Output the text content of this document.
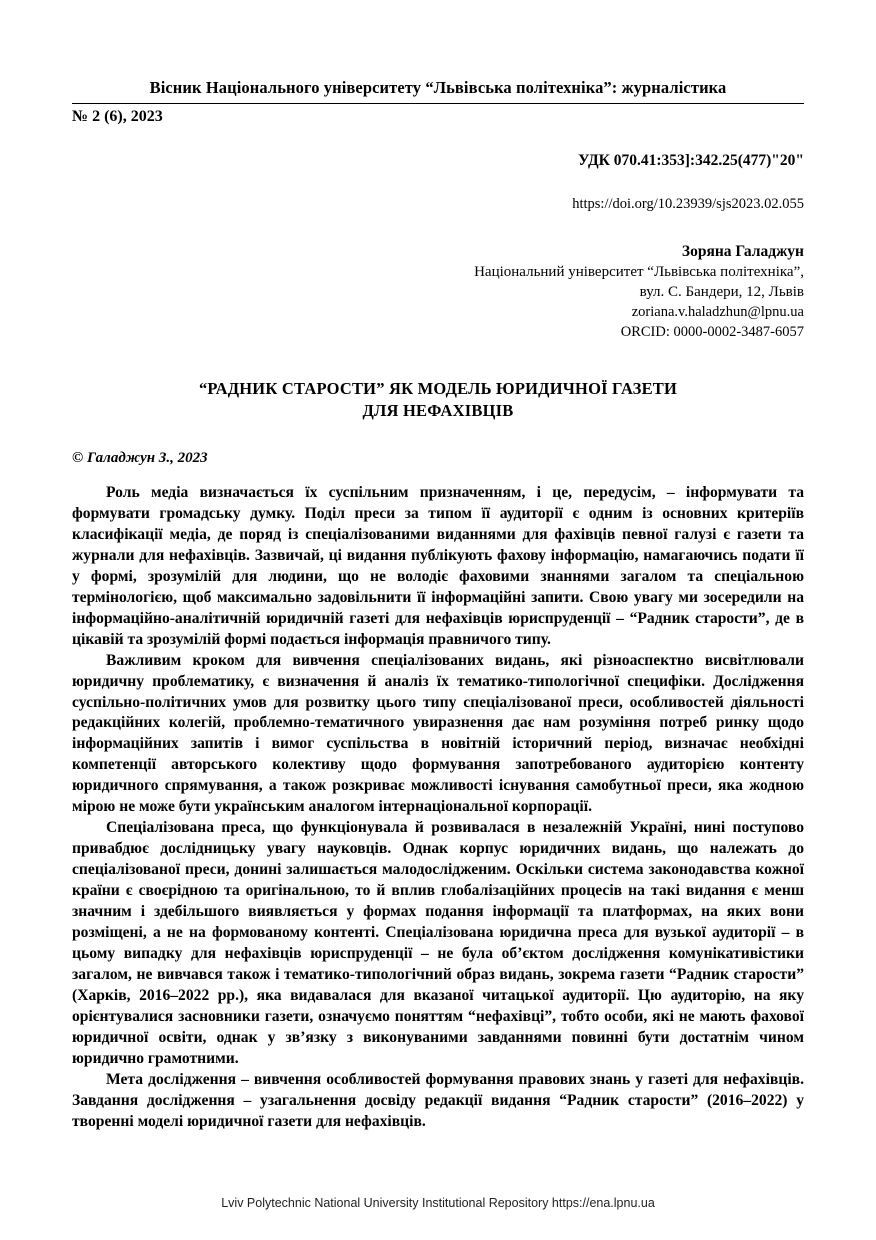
Вісник Національного університету “Львівська політехніка”: журналістика
№ 2 (6), 2023
УДК 070.41:353]:342.25(477)"20"
https://doi.org/10.23939/sjs2023.02.055
Зоряна Галаджун
Національний університет “Львівська політехніка”,
вул. С. Бандери, 12, Львів
zoriana.v.haladzhun@lpnu.ua
ORCID: 0000-0002-3487-6057
“РАДНИК СТАРОСТИ” ЯК МОДЕЛЬ ЮРИДИЧНОЇ ГАЗЕТИ
ДЛЯ НЕФАХІВЦІВ
© Галаджун З., 2023

Роль медіа визначається їх суспільним призначенням, і це, передусім, – інформувати та формувати громадську думку. Поділ преси за типом її аудиторії є одним із основних критеріїв класифікації медіа, де поряд із спеціалізованими виданнями для фахівців певної галузі є газети та журнали для нефахівців. Зазвичай, ці видання публікують фахову інформацію, намагаючись подати її у формі, зрозумілій для людини, що не володіє фаховими знаннями загалом та спеціальною термінологією, щоб максимально задовільнити її інформаційні запити. Свою увагу ми зосередили на інформаційно-аналітичній юридичній газеті для нефахівців юриспруденції – “Радник старости”, де в цікавій та зрозумілій формі подається інформація правничого типу.

Важливим кроком для вивчення спеціалізованих видань, які різноаспектно висвітлювали юридичну проблематику, є визначення й аналіз їх тематико-типологічної специфіки. Дослідження суспільно-політичних умов для розвитку цього типу спеціалізованої преси, особливостей діяльності редакційних колегій, проблемно-тематичного увиразнення дає нам розуміння потреб ринку щодо інформаційних запитів і вимог суспільства в новітній історичний період, визначає необхідні компетенції авторського колективу щодо формування запотребованого аудиторією контенту юридичного спрямування, а також розкриває можливості існування самобутньої преси, яка жодною мірою не може бути українським аналогом інтернаціональної корпорації.

Спеціалізована преса, що функціонувала й розвивалася в незалежній Україні, нині поступово привабдює дослідницьку увагу науковців. Однак корпус юридичних видань, що належать до спеціалізованої преси, донині залишається малодослідженим. Оскільки система законодавства кожної країни є своєрідною та оригінальною, то й вплив глобалізаційних процесів на такі видання є менш значним і здебільшого виявляється у формах подання інформації та платформах, на яких вони розміщені, а не на формованому контенті. Спеціалізована юридична преса для вузької аудиторії – в цьому випадку для нефахівців юриспруденції – не була об’єктом дослідження комунікативістики загалом, не вивчався також і тематико-типологічний образ видань, зокрема газети “Радник старости” (Харків, 2016–2022 рр.), яка видавалася для вказаної читацької аудиторії. Цю аудиторію, на яку орієнтувалися засновники газети, означуємо поняттям “нефахівці”, тобто особи, які не мають фахової юридичної освіти, однак у зв’язку з виконуваними завданнями повинні бути достатнім чином юридично грамотними.

Мета дослідження – вивчення особливостей формування правових знань у газеті для нефахівців. Завдання дослідження – узагальнення досвіду редакції видання “Радник старости” (2016–2022) у творенні моделі юридичної газети для нефахівців.

Lviv Polytechnic National University Institutional Repository https://ena.lpnu.ua
